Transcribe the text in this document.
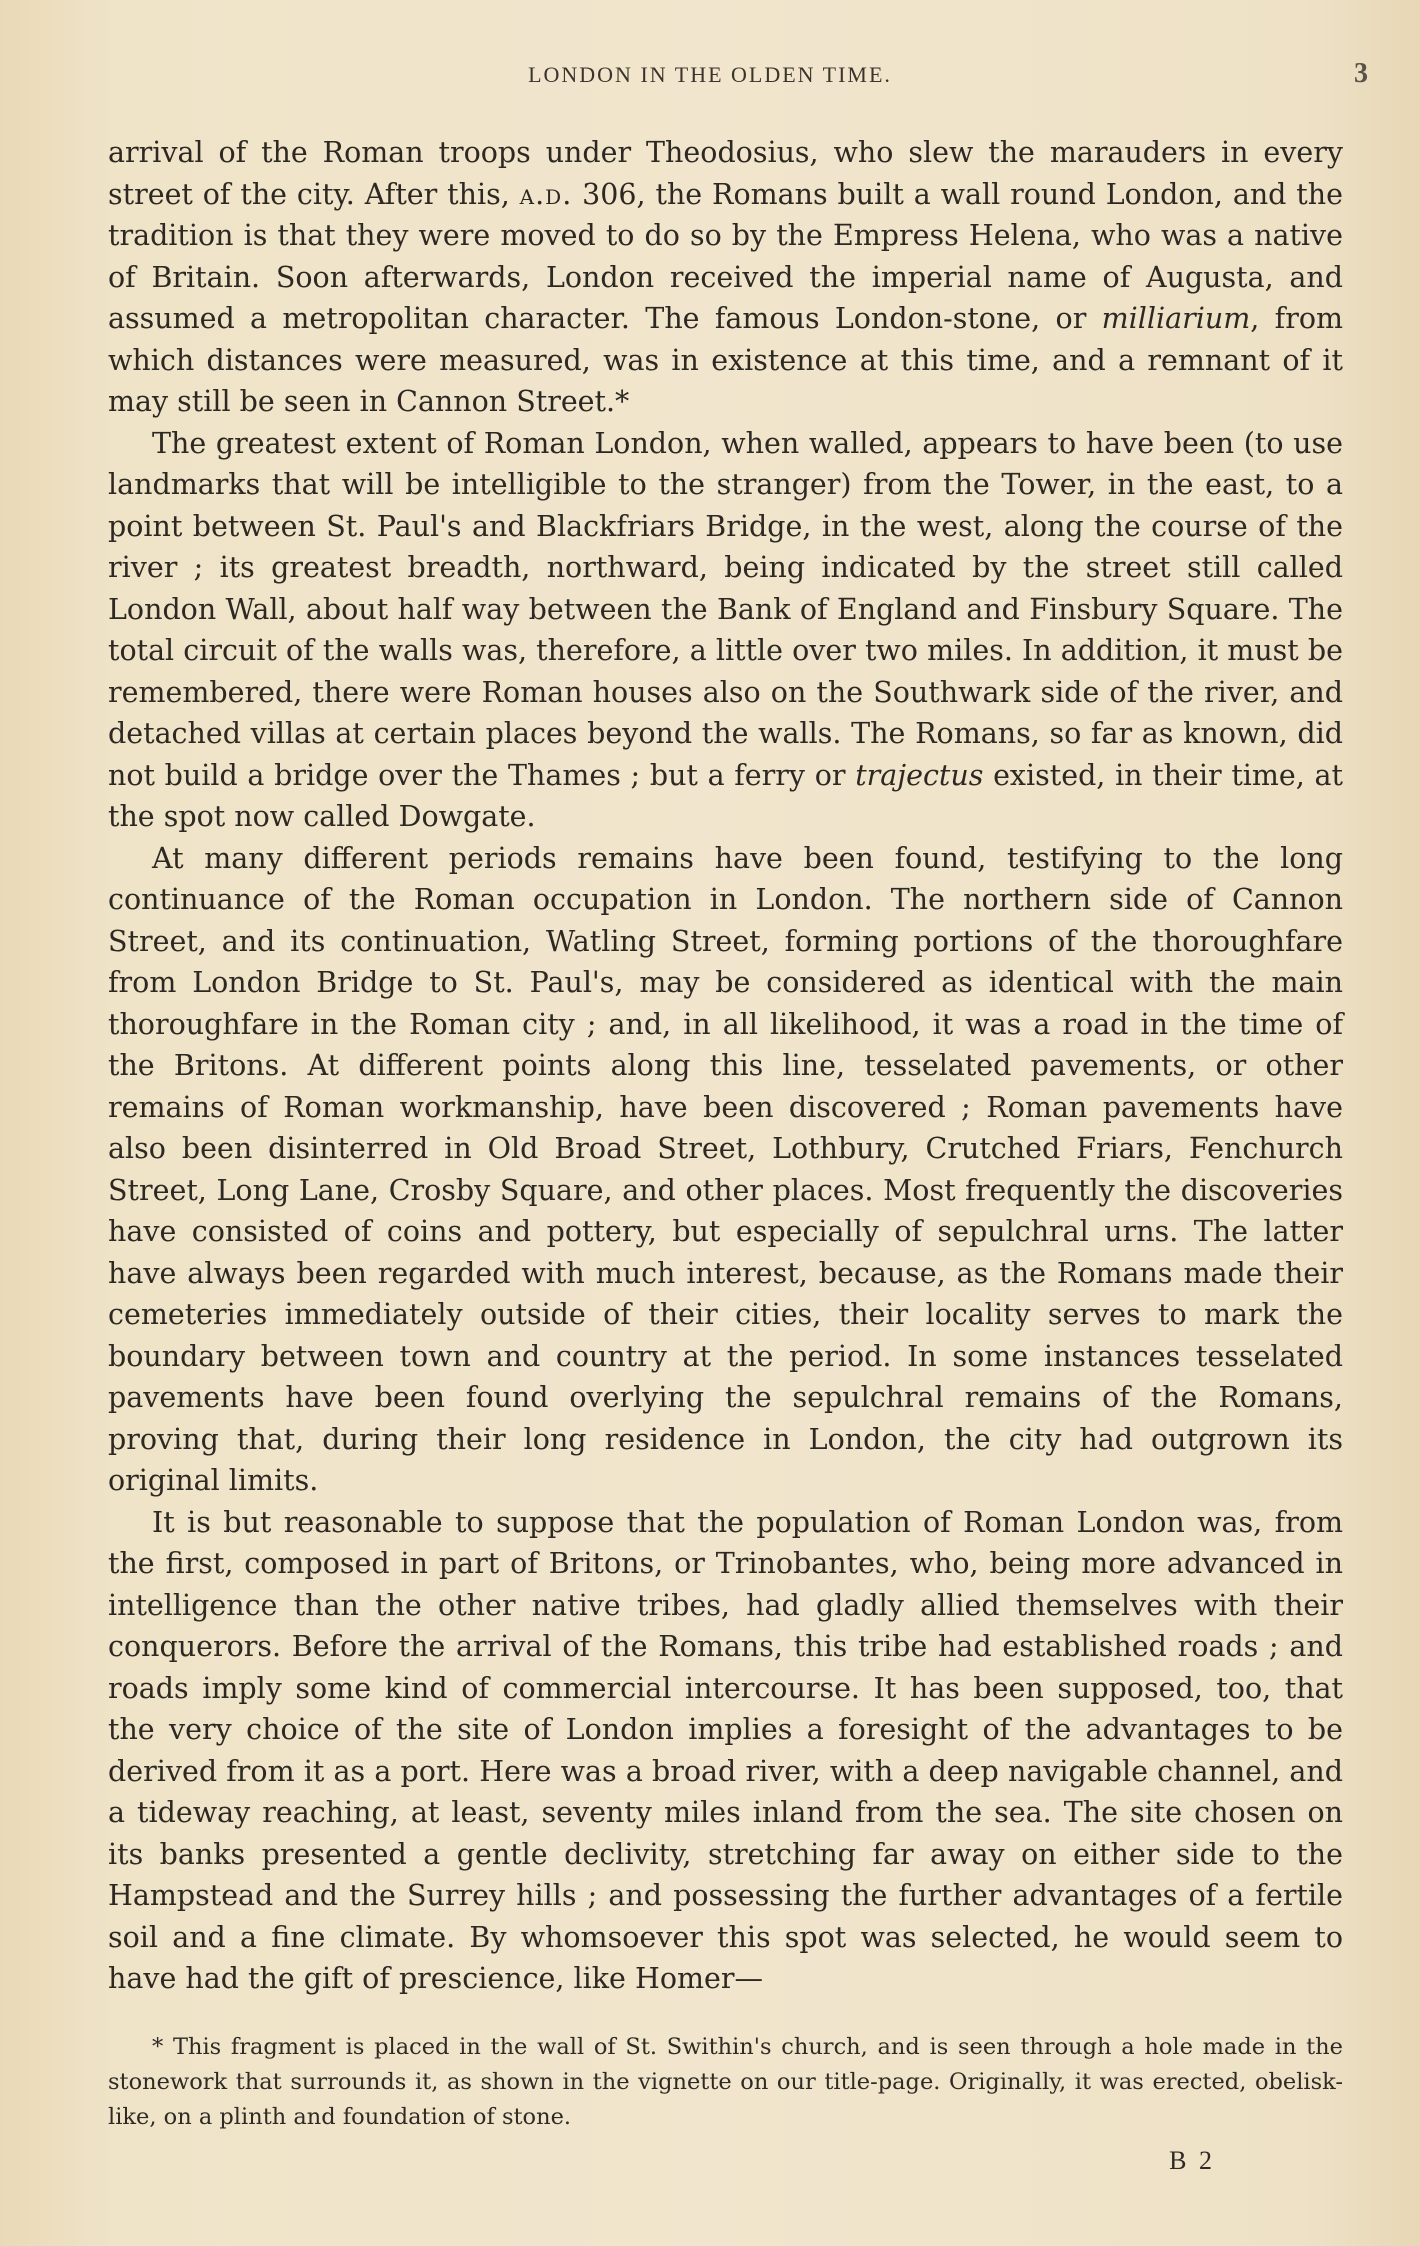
LONDON IN THE OLDEN TIME.	3

arrival of the Roman troops under Theodosius, who slew the marauders in every street of the city. After this, a.d. 306, the Romans built a wall round London, and the tradition is that they were moved to do so by the Empress Helena, who was a native of Britain. Soon afterwards, London received the imperial name of Augusta, and assumed a metropolitan character. The famous London-stone, or milliarium, from which distances were measured, was in existence at this time, and a remnant of it may still be seen in Cannon Street.*

The greatest extent of Roman London, when walled, appears to have been (to use landmarks that will be intelligible to the stranger) from the Tower, in the east, to a point between St. Paul's and Blackfriars Bridge, in the west, along the course of the river ; its greatest breadth, northward, being indicated by the street still called London Wall, about half way between the Bank of England and Finsbury Square. The total circuit of the walls was, therefore, a little over two miles. In addition, it must be remembered, there were Roman houses also on the Southwark side of the river, and detached villas at certain places beyond the walls. The Romans, so far as known, did not build a bridge over the Thames ; but a ferry or trajectus existed, in their time, at the spot now called Dowgate.

At many different periods remains have been found, testifying to the long continuance of the Roman occupation in London. The northern side of Cannon Street, and its continuation, Watling Street, forming portions of the thoroughfare from London Bridge to St. Paul's, may be considered as identical with the main thoroughfare in the Roman city ; and, in all likelihood, it was a road in the time of the Britons. At different points along this line, tesselated pavements, or other remains of Roman workmanship, have been discovered ; Roman pavements have also been disinterred in Old Broad Street, Lothbury, Crutched Friars, Fenchurch Street, Long Lane, Crosby Square, and other places. Most frequently the discoveries have consisted of coins and pottery, but especially of sepulchral urns. The latter have always been regarded with much interest, because, as the Romans made their cemeteries immediately outside of their cities, their locality serves to mark the boundary between town and country at the period. In some instances tesselated pavements have been found overlying the sepulchral remains of the Romans, proving that, during their long residence in London, the city had outgrown its original limits.

It is but reasonable to suppose that the population of Roman London was, from the first, composed in part of Britons, or Trinobantes, who, being more advanced in intelligence than the other native tribes, had gladly allied themselves with their conquerors. Before the arrival of the Romans, this tribe had established roads ; and roads imply some kind of commercial intercourse. It has been supposed, too, that the very choice of the site of London implies a foresight of the advantages to be derived from it as a port. Here was a broad river, with a deep navigable channel, and a tideway reaching, at least, seventy miles inland from the sea. The site chosen on its banks presented a gentle declivity, stretching far away on either side to the Hampstead and the Surrey hills ; and possessing the further advantages of a fertile soil and a fine climate. By whomsoever this spot was selected, he would seem to have had the gift of prescience, like Homer—

* This fragment is placed in the wall of St. Swithin's church, and is seen through a hole made in the stonework that surrounds it, as shown in the vignette on our title-page. Originally, it was erected, obelisk-like, on a plinth and foundation of stone.

B 2
